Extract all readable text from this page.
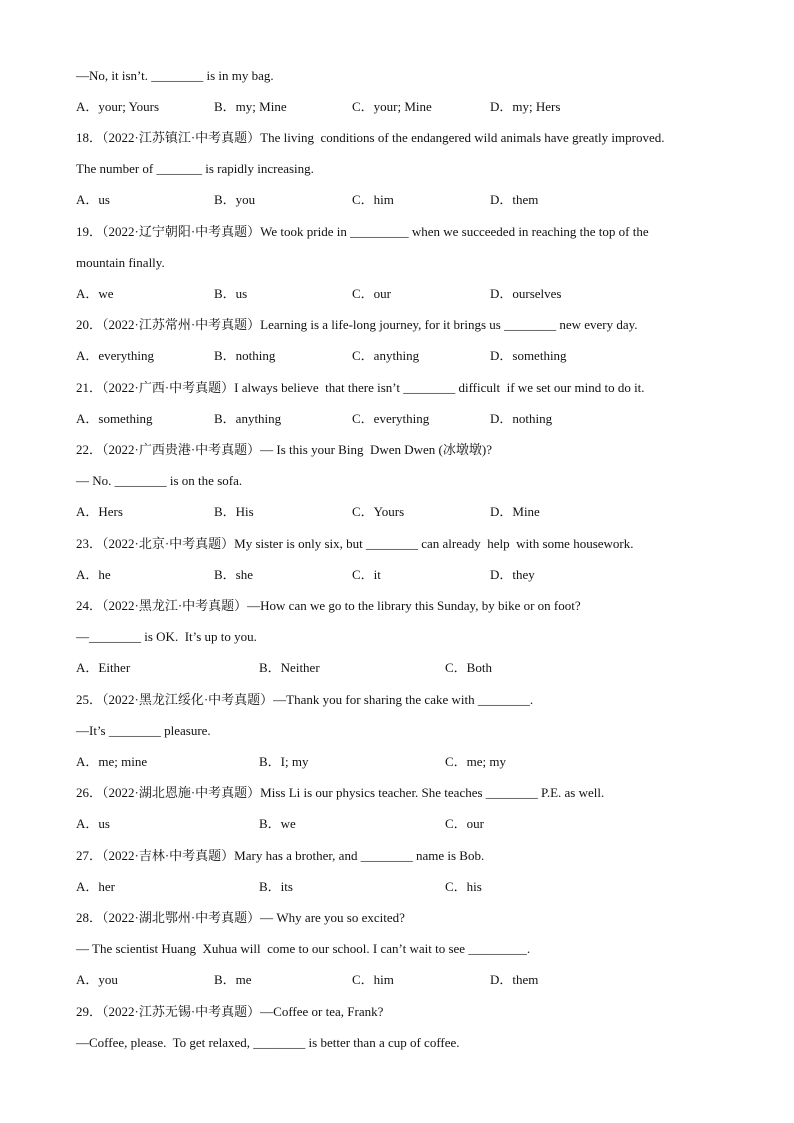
—No, it isn’t. ________ is in my bag.
A．your; Yours	B．my; Mine	C．your; Mine	D．my; Hers
18．（2022·江苏镇江·中考真题）The living  conditions of the endangered wild animals have greatly improved.
The number of _______ is rapidly increasing.
A．us	B．you	C．him	D．them
19．（2022·辽宁朝阳·中考真题）We took pride in _________ when we succeeded in reaching the top of the
mountain finally.
A．we	B．us	C．our	D．ourselves
20．（2022·江苏常州·中考真题）Learning is a life-long journey, for it brings us ________ new every day.
A．everything	B．nothing	C．anything	D．something
21．（2022·广西·中考真题）I always believe  that there isn’t ________ difficult  if we set our mind to do it.
A．something	B．anything	C．everything	D．nothing
22．（2022·广西贵港·中考真题）— Is this your Bing  Dwen Dwen (冰墩墩)?
— No. ________ is on the sofa.
A．Hers	B．His	C．Yours	D．Mine
23．（2022·北京·中考真题）My sister is only six, but ________ can already  help  with some housework.
A．he	B．she	C．it	D．they
24．（2022·黑龙江·中考真题）—How can we go to the library this Sunday, by bike or on foot?
—________ is OK.  It’s up to you.
A．Either	B．Neither	C．Both
25．（2022·黑龙江绥化·中考真题）—Thank you for sharing the cake with ________.
—It’s ________ pleasure.
A．me; mine	B．I; my	C．me; my
26．（2022·湖北恩施·中考真题）Miss Li is our physics teacher. She teaches ________ P.E. as well.
A．us	B．we	C．our
27．（2022·吉林·中考真题）Mary has a brother, and ________ name is Bob.
A．her	B．its	C．his
28．（2022·湖北鄂州·中考真题）— Why are you so excited?
— The scientist Huang  Xuhua will  come to our school. I can’t wait to see _________.
A．you	B．me	C．him	D．them
29．（2022·江苏无锡·中考真题）—Coffee or tea, Frank?
—Coffee, please.  To get relaxed, ________ is better than a cup of coffee.
